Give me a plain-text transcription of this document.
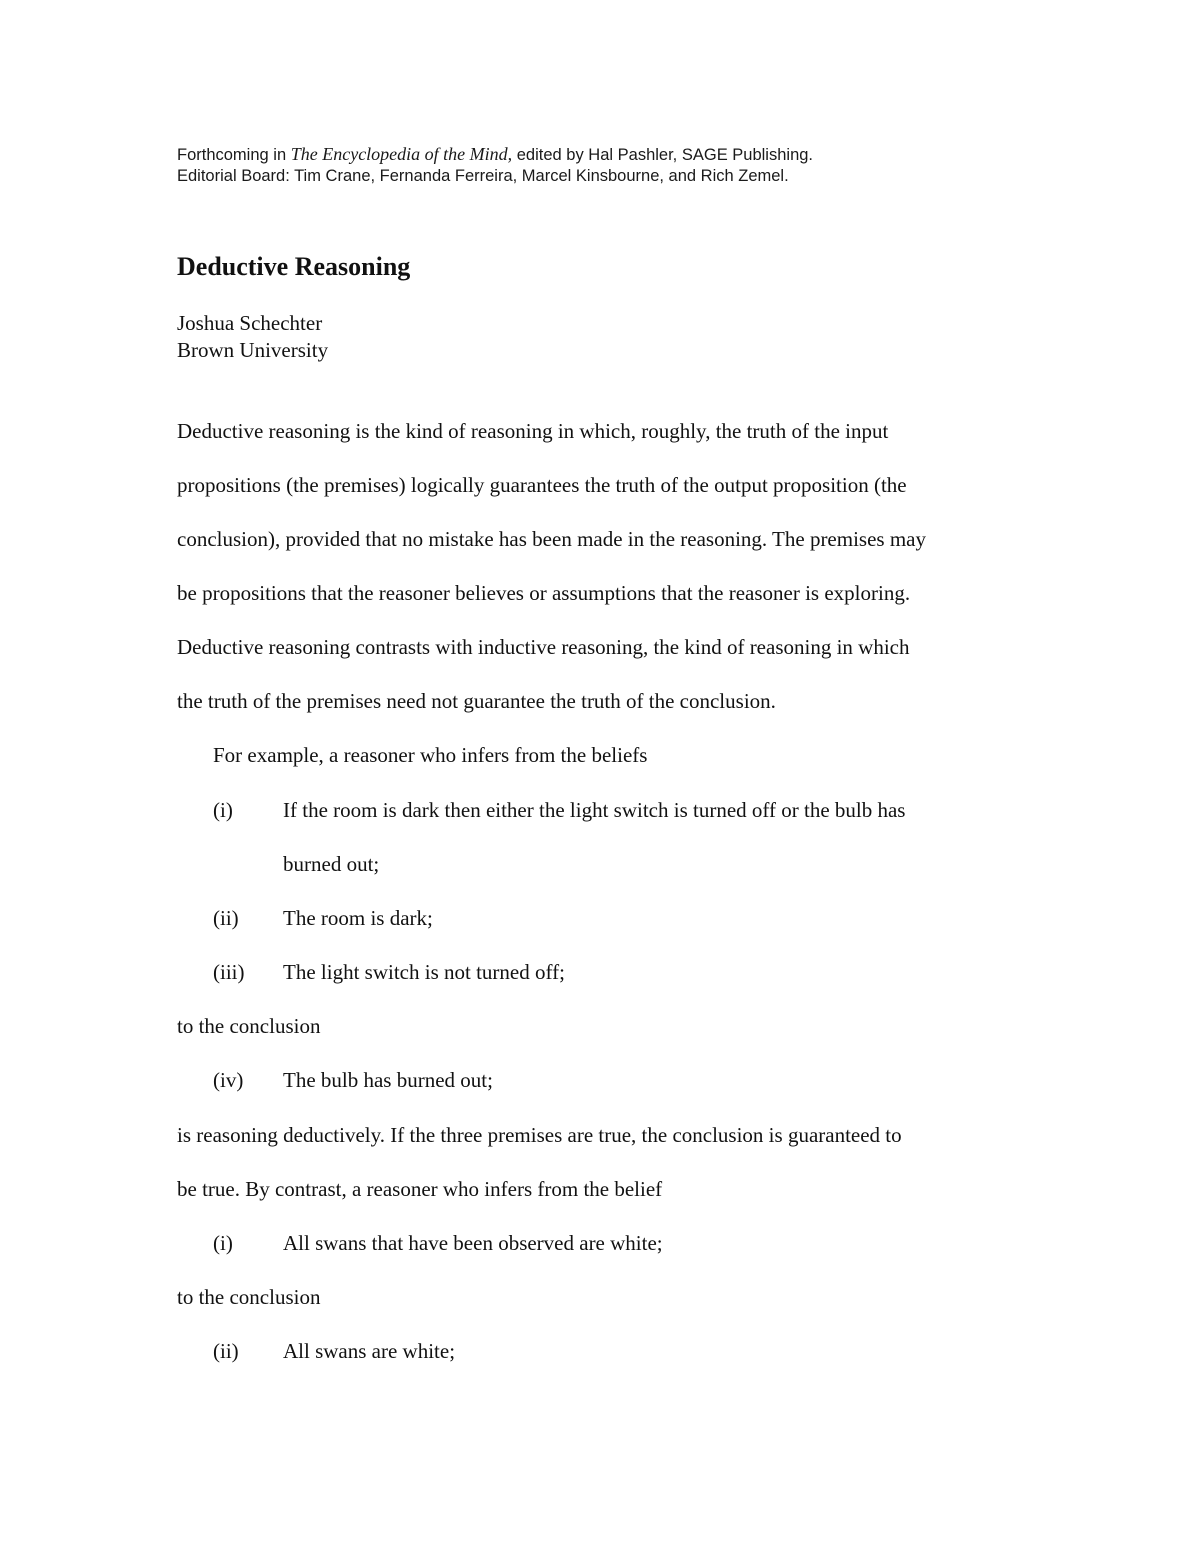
Forthcoming in The Encyclopedia of the Mind, edited by Hal Pashler, SAGE Publishing.
Editorial Board: Tim Crane, Fernanda Ferreira, Marcel Kinsbourne, and Rich Zemel.
Deductive Reasoning
Joshua Schechter
Brown University
Deductive reasoning is the kind of reasoning in which, roughly, the truth of the input
propositions (the premises) logically guarantees the truth of the output proposition (the
conclusion), provided that no mistake has been made in the reasoning. The premises may
be propositions that the reasoner believes or assumptions that the reasoner is exploring.
Deductive reasoning contrasts with inductive reasoning, the kind of reasoning in which
the truth of the premises need not guarantee the truth of the conclusion.
For example, a reasoner who infers from the beliefs
(i) If the room is dark then either the light switch is turned off or the bulb has
burned out;
(ii) The room is dark;
(iii) The light switch is not turned off;
to the conclusion
(iv) The bulb has burned out;
is reasoning deductively. If the three premises are true, the conclusion is guaranteed to
be true. By contrast, a reasoner who infers from the belief
(i) All swans that have been observed are white;
to the conclusion
(ii) All swans are white;
